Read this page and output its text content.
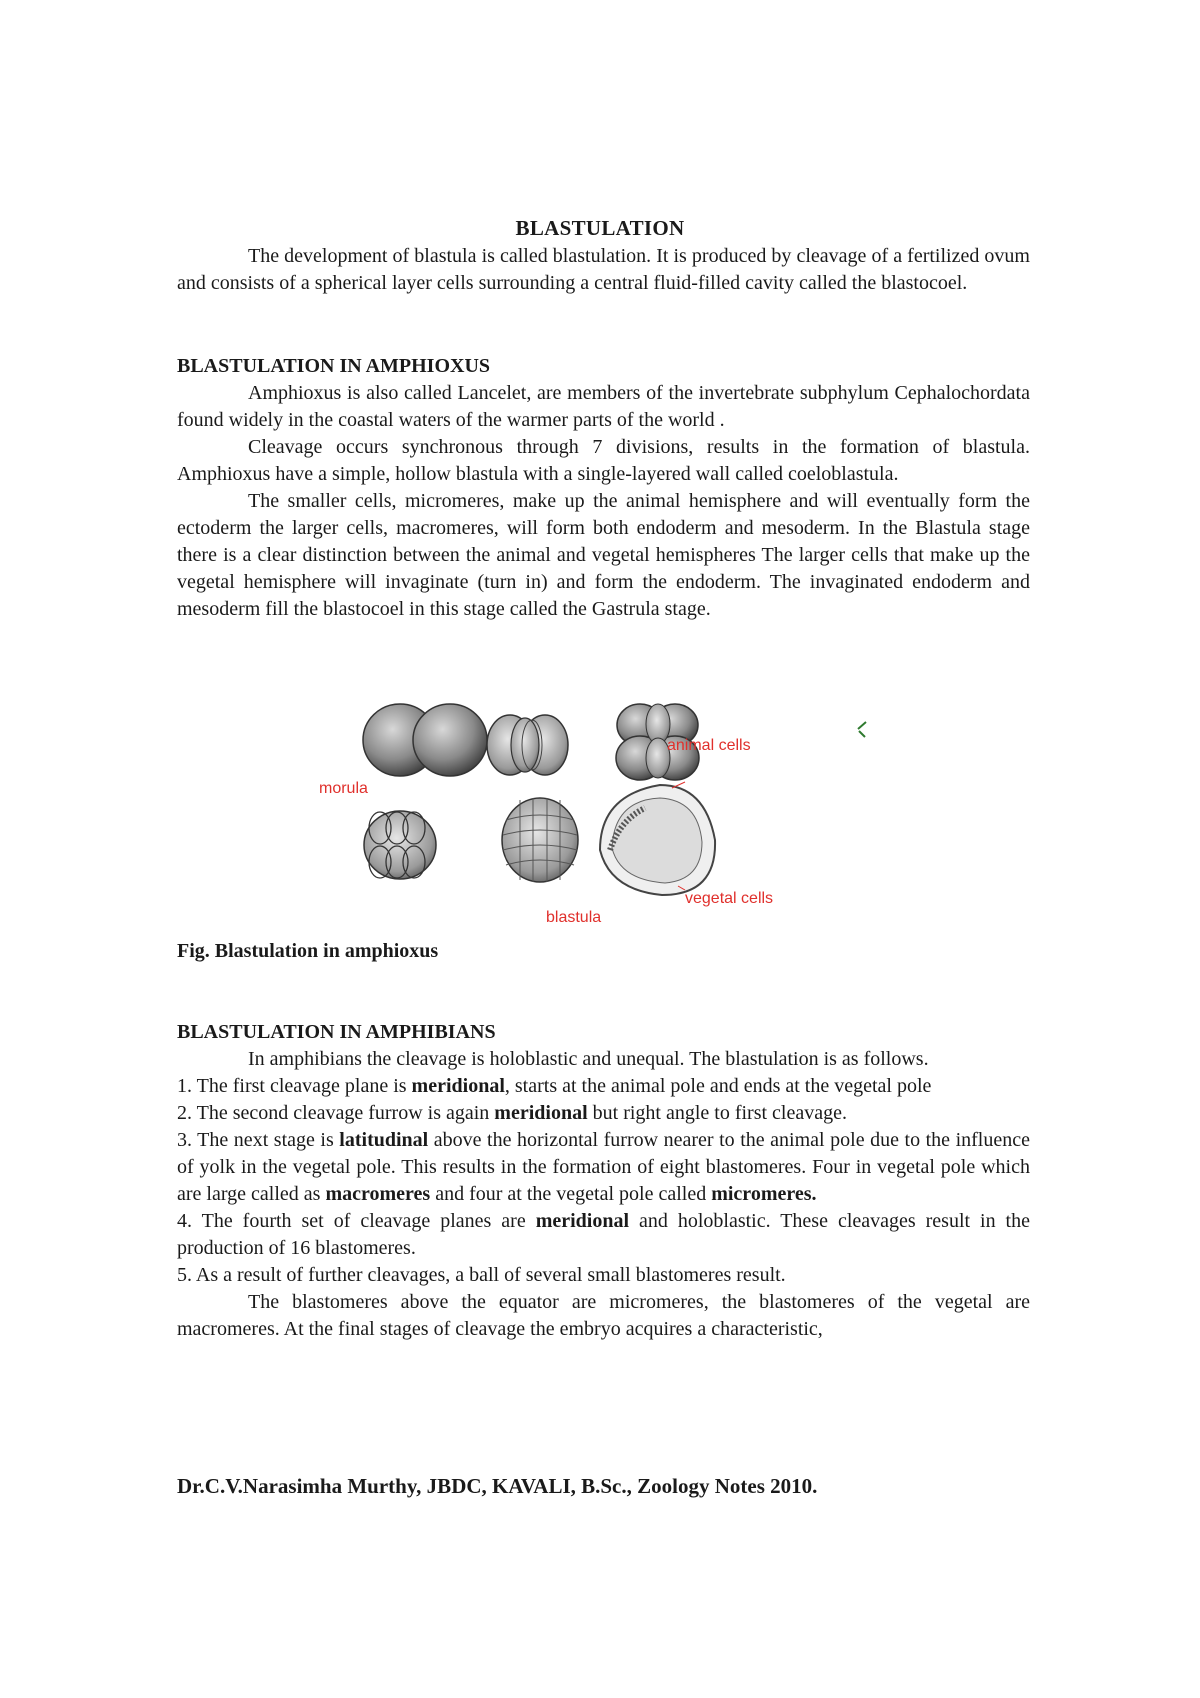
BLASTULATION

The development of blastula is called blastulation. It is produced by cleavage of a fertilized ovum and consists of a spherical layer cells surrounding a central fluid-filled cavity called the blastocoel.

BLASTULATION IN AMPHIOXUS

Amphioxus is also called Lancelet, are members of the invertebrate subphylum Cephalochordata found widely in the coastal waters of the warmer parts of the world .

Cleavage occurs synchronous through 7 divisions, results in the formation of blastula. Amphioxus have a simple, hollow blastula with a single-layered wall called coeloblastula.

The smaller cells, micromeres, make up the animal hemisphere and will eventually form the ectoderm the larger cells, macromeres, will form both endoderm and mesoderm. In the Blastula stage there is a clear distinction between the animal and vegetal hemispheres The larger cells that make up the vegetal hemisphere will invaginate (turn in) and form the endoderm. The invaginated endoderm and mesoderm fill the blastocoel in this stage called the Gastrula stage.

animal cells
morula
vegetal cells
blastula
Fig. Blastulation in amphioxus
BLASTULATION IN AMPHIBIANS

In amphibians the cleavage is holoblastic and unequal. The blastulation is as follows.

1. The first cleavage plane is meridional, starts at the animal pole and ends at the vegetal pole

2. The second cleavage furrow is again meridional but right angle to first cleavage.

3. The next stage is latitudinal above the horizontal furrow nearer to the animal pole due to the influence of yolk in the vegetal pole. This results in the formation of eight blastomeres. Four in vegetal pole which are large called as macromeres and four at the vegetal pole called micromeres.

4. The fourth set of cleavage planes are meridional and holoblastic. These cleavages result in the production of 16 blastomeres.

5. As a result of further cleavages, a ball of several small blastomeres result.

The blastomeres above the equator are micromeres, the blastomeres of the vegetal are macromeres. At the final stages of cleavage the embryo acquires a characteristic,

Dr.C.V.Narasimha Murthy, JBDC, KAVALI, B.Sc., Zoology Notes 2010.
